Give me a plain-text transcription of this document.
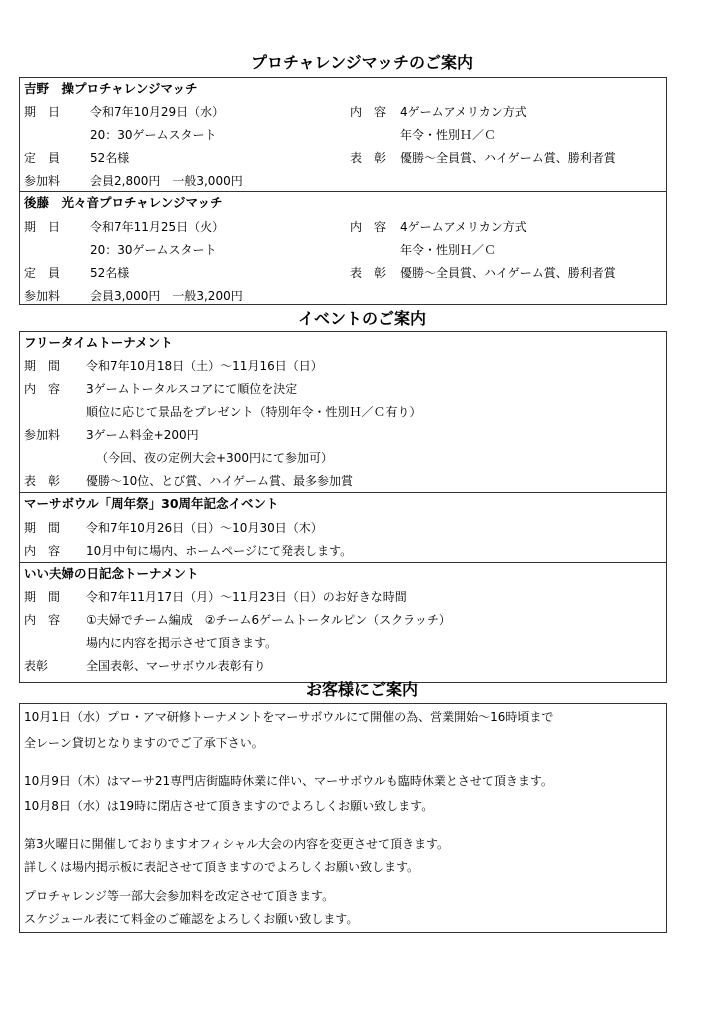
プロチャレンジマッチのご案内
吉野　操プロチャレンジマッチ
期　日 令和7年10月29日（水）	内　容 4ゲームアメリカン方式
20：30ゲームスタート	年令・性別Ｈ／Ｃ
定　員 52名様	表　彰 優勝～全員賞、ハイゲーム賞、勝利者賞
参加料 会員2,800円　一般3,000円
後藤　光々音プロチャレンジマッチ
期　日 令和7年11月25日（火）	内　容 4ゲームアメリカン方式
20：30ゲームスタート	年令・性別Ｈ／Ｃ
定　員 52名様	表　彰 優勝～全員賞、ハイゲーム賞、勝利者賞
参加料 会員3,000円　一般3,200円
イベントのご案内
フリータイムトーナメント
期　間 令和7年10月18日（土）～11月16日（日）
内　容 3ゲームトータルスコアにて順位を決定
順位に応じて景品をプレゼント（特別年令・性別Ｈ／Ｃ有り）
参加料 3ゲーム料金+200円
（今回、夜の定例大会+300円にて参加可）
表　彰 優勝～10位、とび賞、ハイゲーム賞、最多参加賞
マーサボウル「周年祭」30周年記念イベント
期　間 令和7年10月26日（日）～10月30日（木）
内　容 10月中旬に場内、ホームページにて発表します。
いい夫婦の日記念トーナメント
期　間 令和7年11月17日（月）～11月23日（日）のお好きな時間
内　容 ①夫婦でチーム編成　②チーム6ゲームトータルピン（スクラッチ）
場内に内容を掲示させて頂きます。
表彰	全国表彰、マーサボウル表彰有り
お客様にご案内
10月1日（水）プロ・アマ研修トーナメントをマーサボウルにて開催の為、営業開始～16時頃まで
全レーン貸切となりますのでご了承下さい。
10月9日（木）はマーサ21専門店街臨時休業に伴い、マーサボウルも臨時休業とさせて頂きます。
10月8日（水）は19時に閉店させて頂きますのでよろしくお願い致します。
第3火曜日に開催しておりますオフィシャル大会の内容を変更させて頂きます。
詳しくは場内掲示板に表記させて頂きますのでよろしくお願い致します。
プロチャレンジ等一部大会参加料を改定させて頂きます。
スケジュール表にて料金のご確認をよろしくお願い致します。
